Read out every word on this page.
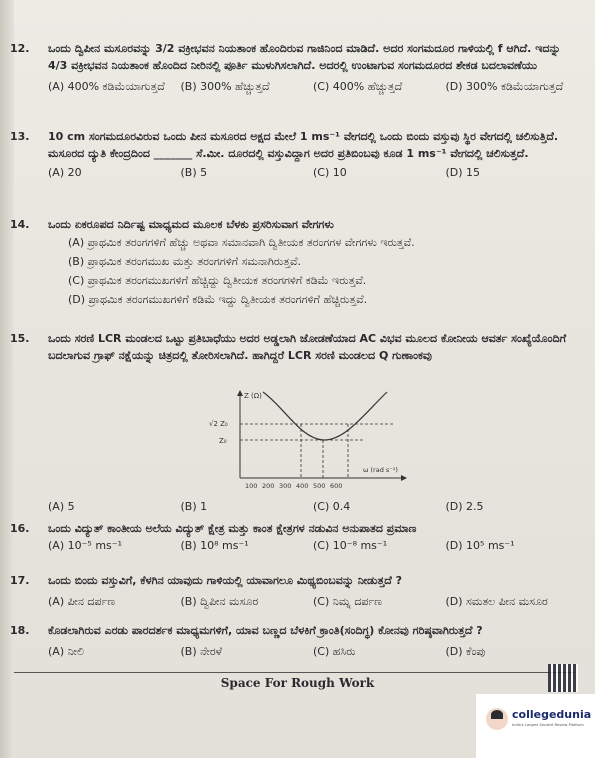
12. ಒಂದು ದ್ವಿಪೀನ ಮಸೂರವನ್ನು 3/2 ವಕ್ರೀಭವನ ನಿಯತಾಂಕ ಹೊಂದಿರುವ ಗಾಜಿನಿಂದ ಮಾಡಿದೆ. ಅದರ ಸಂಗಮದೂರ ಗಾಳಿಯಲ್ಲಿ f ಆಗಿದೆ. ಇದನ್ನು 4/3 ವಕ್ರೀಭವನ ನಿಯತಾಂಕ ಹೊಂದಿದ ನೀರಿನಲ್ಲಿ ಪೂರ್ತಿ ಮುಳುಗಿಸಲಾಗಿದೆ. ಅದರಲ್ಲಿ ಉಂಟಾಗುವ ಸಂಗಮದೂರದ ಶೇಕಡ ಬದಲಾವಣೆಯು
(A) 400% ಕಡಿಮೆಯಾಗುತ್ತದೆ	(B) 300% ಹೆಚ್ಚುತ್ತದೆ	(C) 400% ಹೆಚ್ಚುತ್ತದೆ	(D) 300% ಕಡಿಮೆಯಾಗುತ್ತದೆ
13. 10 cm ಸಂಗಮದೂರವಿರುವ ಒಂದು ಪೀನ ಮಸೂರದ ಅಕ್ಷದ ಮೇಲೆ 1 ms⁻¹ ವೇಗದಲ್ಲಿ ಒಂದು ಬಿಂದು ವಸ್ತುವು ಸ್ಥಿರ ವೇಗದಲ್ಲಿ ಚಲಿಸುತ್ತಿದೆ. ಮಸೂರದ ದ್ಯುತಿ ಕೇಂದ್ರದಿಂದ _______ ಸೆ.ಮೀ. ದೂರದಲ್ಲಿ ವಸ್ತುವಿದ್ದಾಗ ಅದರ ಪ್ರತಿಬಿಂಬವು ಕೂಡ 1 ms⁻¹ ವೇಗದಲ್ಲಿ ಚಲಿಸುತ್ತದೆ.
(A) 20	(B) 5	(C) 10	(D) 15
14. ಒಂದು ಏಕರೂಪದ ನಿರ್ದಿಷ್ಟ ಮಾಧ್ಯಮದ ಮೂಲಕ ಬೆಳಕು ಪ್ರಸರಿಸುವಾಗ ವೇಗಗಳು
(A) ಪ್ರಾಥಮಿಕ ತರಂಗಗಳಿಗೆ ಹೆಚ್ಚು ಅಥವಾ ಸಮಾನವಾಗಿ ದ್ವಿತೀಯಕ ತರಂಗಗಳ ವೇಗಗಳು ಇರುತ್ತವೆ.
(B) ಪ್ರಾಥಮಿಕ ತರಂಗಮುಖ ಮತ್ತು ತರಂಗಗಳಿಗೆ ಸಮನಾಗಿರುತ್ತವೆ.
(C) ಪ್ರಾಥಮಿಕ ತರಂಗಮುಖಗಳಿಗೆ ಹೆಚ್ಚಿದ್ದು ದ್ವಿತೀಯಕ ತರಂಗಗಳಿಗೆ ಕಡಿಮೆ ಇರುತ್ತವೆ.
(D) ಪ್ರಾಥಮಿಕ ತರಂಗಮುಖಗಳಿಗೆ ಕಡಿಮೆ ಇದ್ದು ದ್ವಿತೀಯಕ ತರಂಗಗಳಿಗೆ ಹೆಚ್ಚಿರುತ್ತವೆ.
15. ಒಂದು ಸರಣಿ LCR ಮಂಡಲದ ಒಟ್ಟು ಪ್ರತಿಬಾಧೆಯು ಅದರ ಅಡ್ಡಲಾಗಿ ಜೋಡಣೆಯಾದ AC ವಿಭವ ಮೂಲದ ಕೋನೀಯ ಆವರ್ತ ಸಂಖ್ಯೆಯೊಂದಿಗೆ ಬದಲಾಗುವ ಗ್ರಾಫ್ ನಕ್ಷೆಯನ್ನು ಚಿತ್ರದಲ್ಲಿ ತೋರಿಸಲಾಗಿದೆ. ಹಾಗಿದ್ದರೆ LCR ಸರಣಿ ಮಂಡಲದ Q ಗುಣಾಂಕವು
Z (Ω)
√2 Z₀
Z₀
100 200 300 400 500 600
ω (rad s⁻¹)
(A) 5	(B) 1	(C) 0.4	(D) 2.5
16. ಒಂದು ವಿದ್ಯುತ್ ಕಾಂತೀಯ ಅಲೆಯ ವಿದ್ಯುತ್ ಕ್ಷೇತ್ರ ಮತ್ತು ಕಾಂತ ಕ್ಷೇತ್ರಗಳ ನಡುವಿನ ಅನುಪಾತದ ಪ್ರಮಾಣ
(A) 10⁻⁵ ms⁻¹	(B) 10⁸ ms⁻¹	(C) 10⁻⁸ ms⁻¹	(D) 10⁵ ms⁻¹
17. ಒಂದು ಬಿಂದು ವಸ್ತುವಿಗೆ, ಕೆಳಗಿನ ಯಾವುದು ಗಾಳಿಯಲ್ಲಿ ಯಾವಾಗಲೂ ಮಿಥ್ಯಬಿಂಬವನ್ನು ನೀಡುತ್ತದೆ ?
(A) ಪೀನ ದರ್ಪಣ	(B) ದ್ವಿಪೀನ ಮಸೂರ	(C) ನಿಮ್ನ ದರ್ಪಣ	(D) ಸಮತಲ ಪೀನ ಮಸೂರ
18. ಕೊಡಲಾಗಿರುವ ಎರಡು ಪಾರದರ್ಶಕ ಮಾಧ್ಯಮಗಳಿಗೆ, ಯಾವ ಬಣ್ಣದ ಬೆಳಕಿಗೆ ಕ್ರಾಂತಿ(ಸಂದಿಗ್ಧ) ಕೋನವು ಗರಿಷ್ಠವಾಗಿರುತ್ತದೆ ?
(A) ನೀಲಿ	(B) ನೇರಳೆ	(C) ಹಸಿರು	(D) ಕೆಂಪು
Space For Rough Work
collegedunia
India's Largest Student Review Platform
